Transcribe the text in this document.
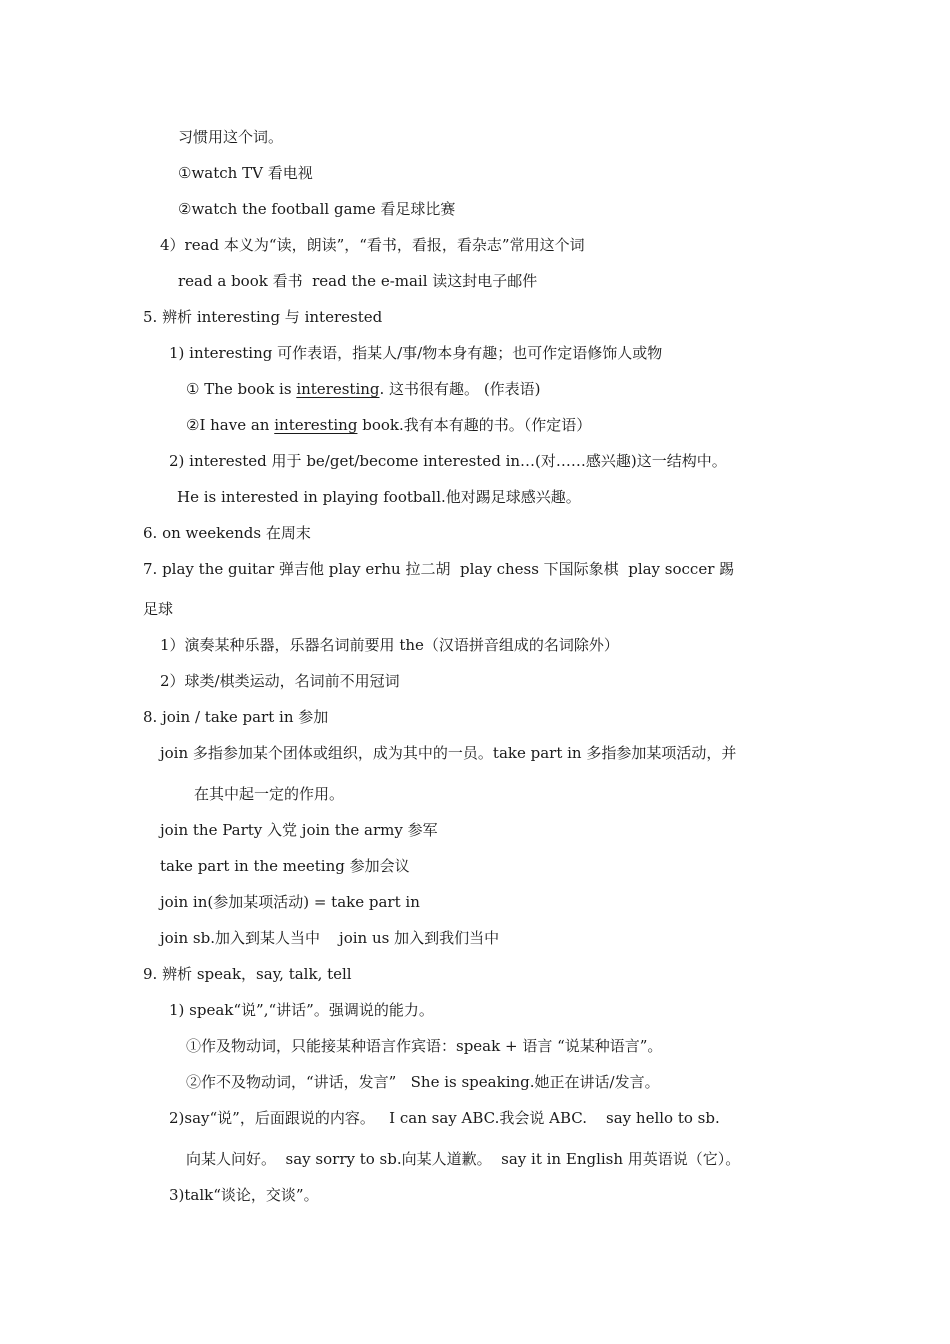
习惯用这个词。
①watch TV 看电视
②watch the football game 看足球比赛
4）read 本义为“读，朗读”，“看书，看报，看杂志”常用这个词
read a book 看书  read the e-mail 读这封电子邮件
5. 辨析 interesting 与 interested
1) interesting 可作表语，指某人/事/物本身有趣；也可作定语修饰人或物
① The book is interesting. 这书很有趣。 (作表语)
②I have an interesting book.我有本有趣的书。（作定语）
2) interested 用于 be/get/become interested in…(对……感兴趣)这一结构中。
He is interested in playing football.他对踢足球感兴趣。
6. on weekends 在周末
7. play the guitar 弹吉他 play erhu 拉二胡  play chess 下国际象棋  play soccer 踢
足球
1）演奏某种乐器，乐器名词前要用 the（汉语拼音组成的名词除外）
2）球类/棋类运动，名词前不用冠词
8. join / take part in 参加
join 多指参加某个团体或组织，成为其中的一员。take part in 多指参加某项活动，并
在其中起一定的作用。
join the Party 入党 join the army 参军
take part in the meeting 参加会议
join in(参加某项活动) = take part in
join sb.加入到某人当中    join us 加入到我们当中
9. 辨析 speak，say, talk, tell
1) speak“说”,“讲话”。强调说的能力。
①作及物动词，只能接某种语言作宾语：speak + 语言 “说某种语言”。
②作不及物动词，“讲话，发言”   She is speaking.她正在讲话/发言。
2)say“说”，后面跟说的内容。   I can say ABC.我会说 ABC.    say hello to sb.
向某人问好。  say sorry to sb.向某人道歉。  say it in English 用英语说（它）。
3)talk“谈论，交谈”。
